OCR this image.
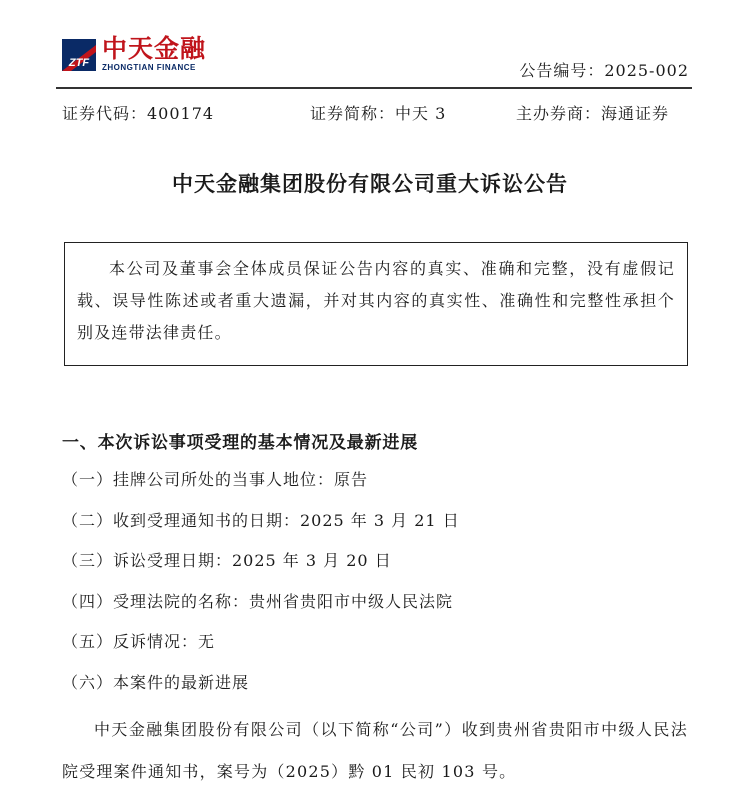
ZTF 中天金融
ZHONGTIAN FINANCE	公告编号：2025-002
证券代码：400174	证券简称：中天 3	主办券商：海通证券
中天金融集团股份有限公司重大诉讼公告
本公司及董事会全体成员保证公告内容的真实、准确和完整，没有虚假记载、误导性陈述或者重大遗漏，并对其内容的真实性、准确性和完整性承担个别及连带法律责任。
一、本次诉讼事项受理的基本情况及最新进展
（一）挂牌公司所处的当事人地位：原告
（二）收到受理通知书的日期：2025 年 3 月 21 日
（三）诉讼受理日期：2025 年 3 月 20 日
（四）受理法院的名称：贵州省贵阳市中级人民法院
（五）反诉情况：无
（六）本案件的最新进展
中天金融集团股份有限公司（以下简称“公司”）收到贵州省贵阳市中级人民法院受理案件通知书，案号为（2025）黔 01 民初 103 号。
